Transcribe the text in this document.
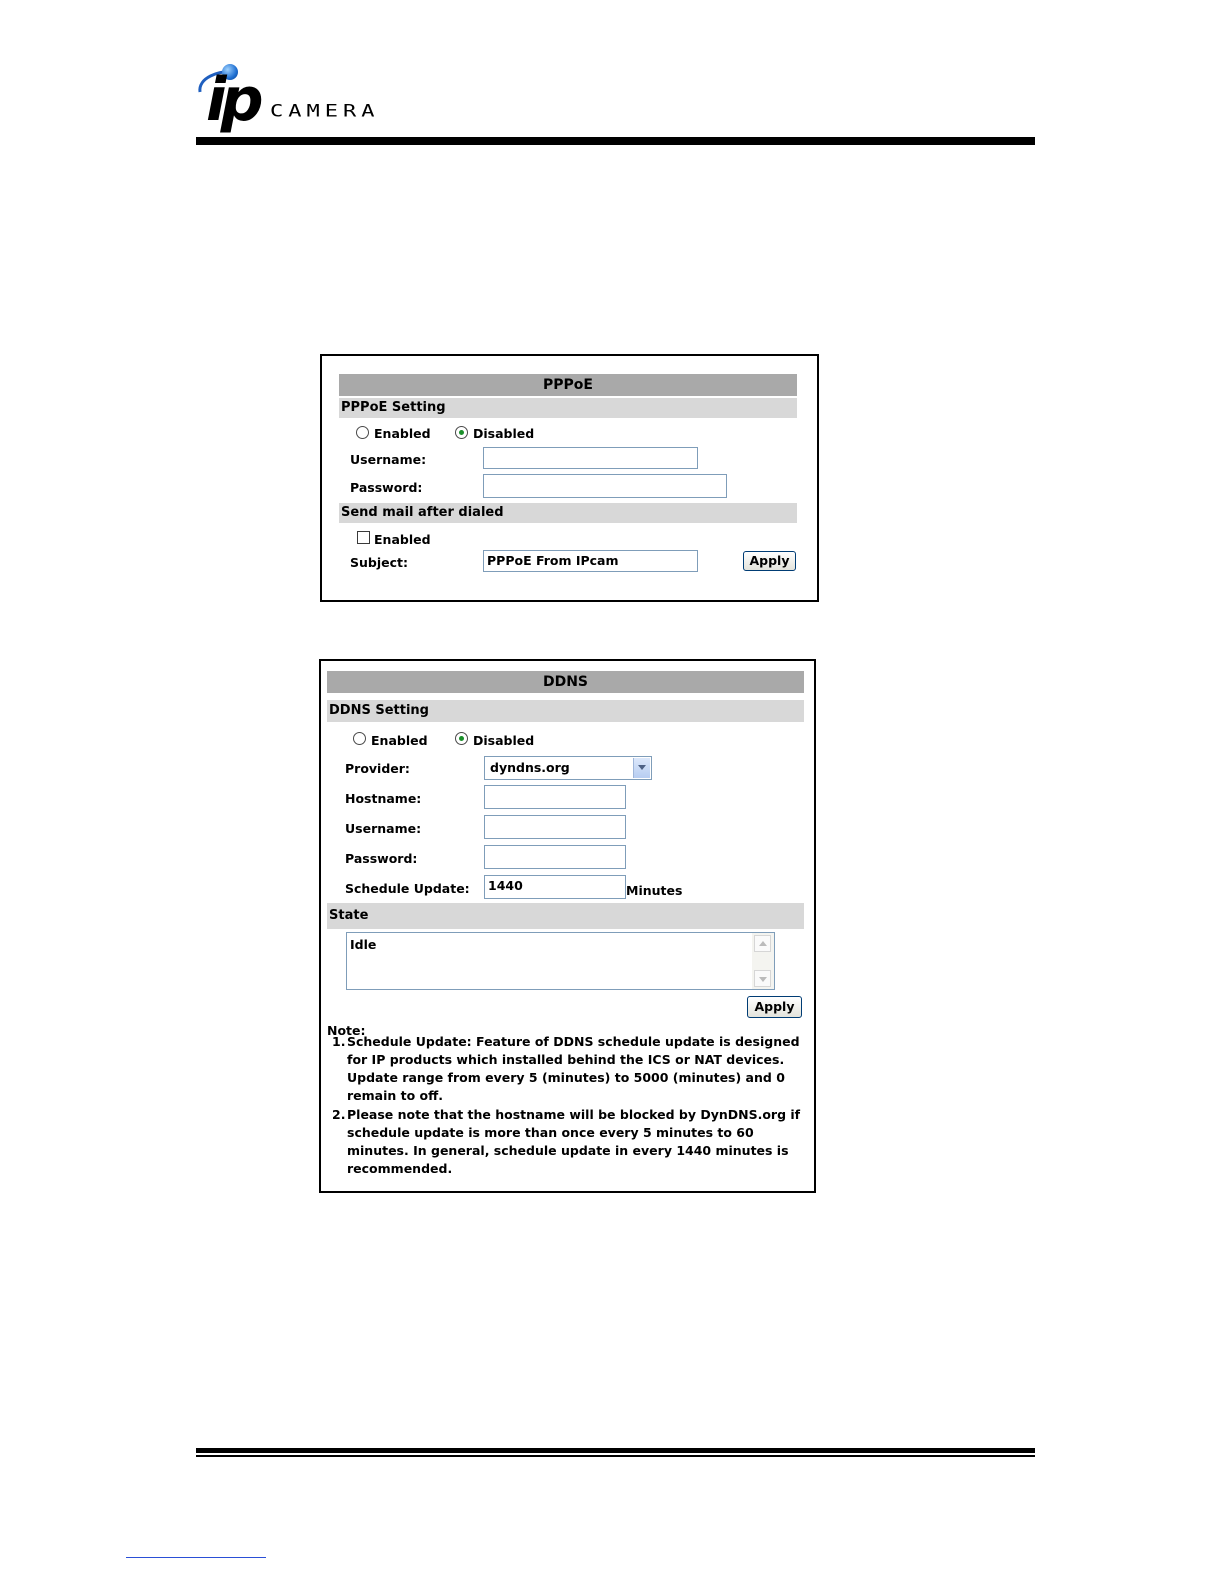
ip CAMERA
PPPoE
PPPoE Setting
Enabled	Disabled
Username:
Password:
Send mail after dialed
Enabled
Subject:	PPPoE From IPcam	Apply
DDNS
DDNS Setting
Enabled	Disabled
Provider:	dyndns.org
Hostname:
Username:
Password:
Schedule Update:	1440	Minutes
State
Idle
Apply
Note:
1. Schedule Update: Feature of DDNS schedule update is designed for IP products which installed behind the ICS or NAT devices. Update range from every 5 (minutes) to 5000 (minutes) and 0 remain to off.
2. Please note that the hostname will be blocked by DynDNS.org if schedule update is more than once every 5 minutes to 60 minutes. In general, schedule update in every 1440 minutes is recommended.
